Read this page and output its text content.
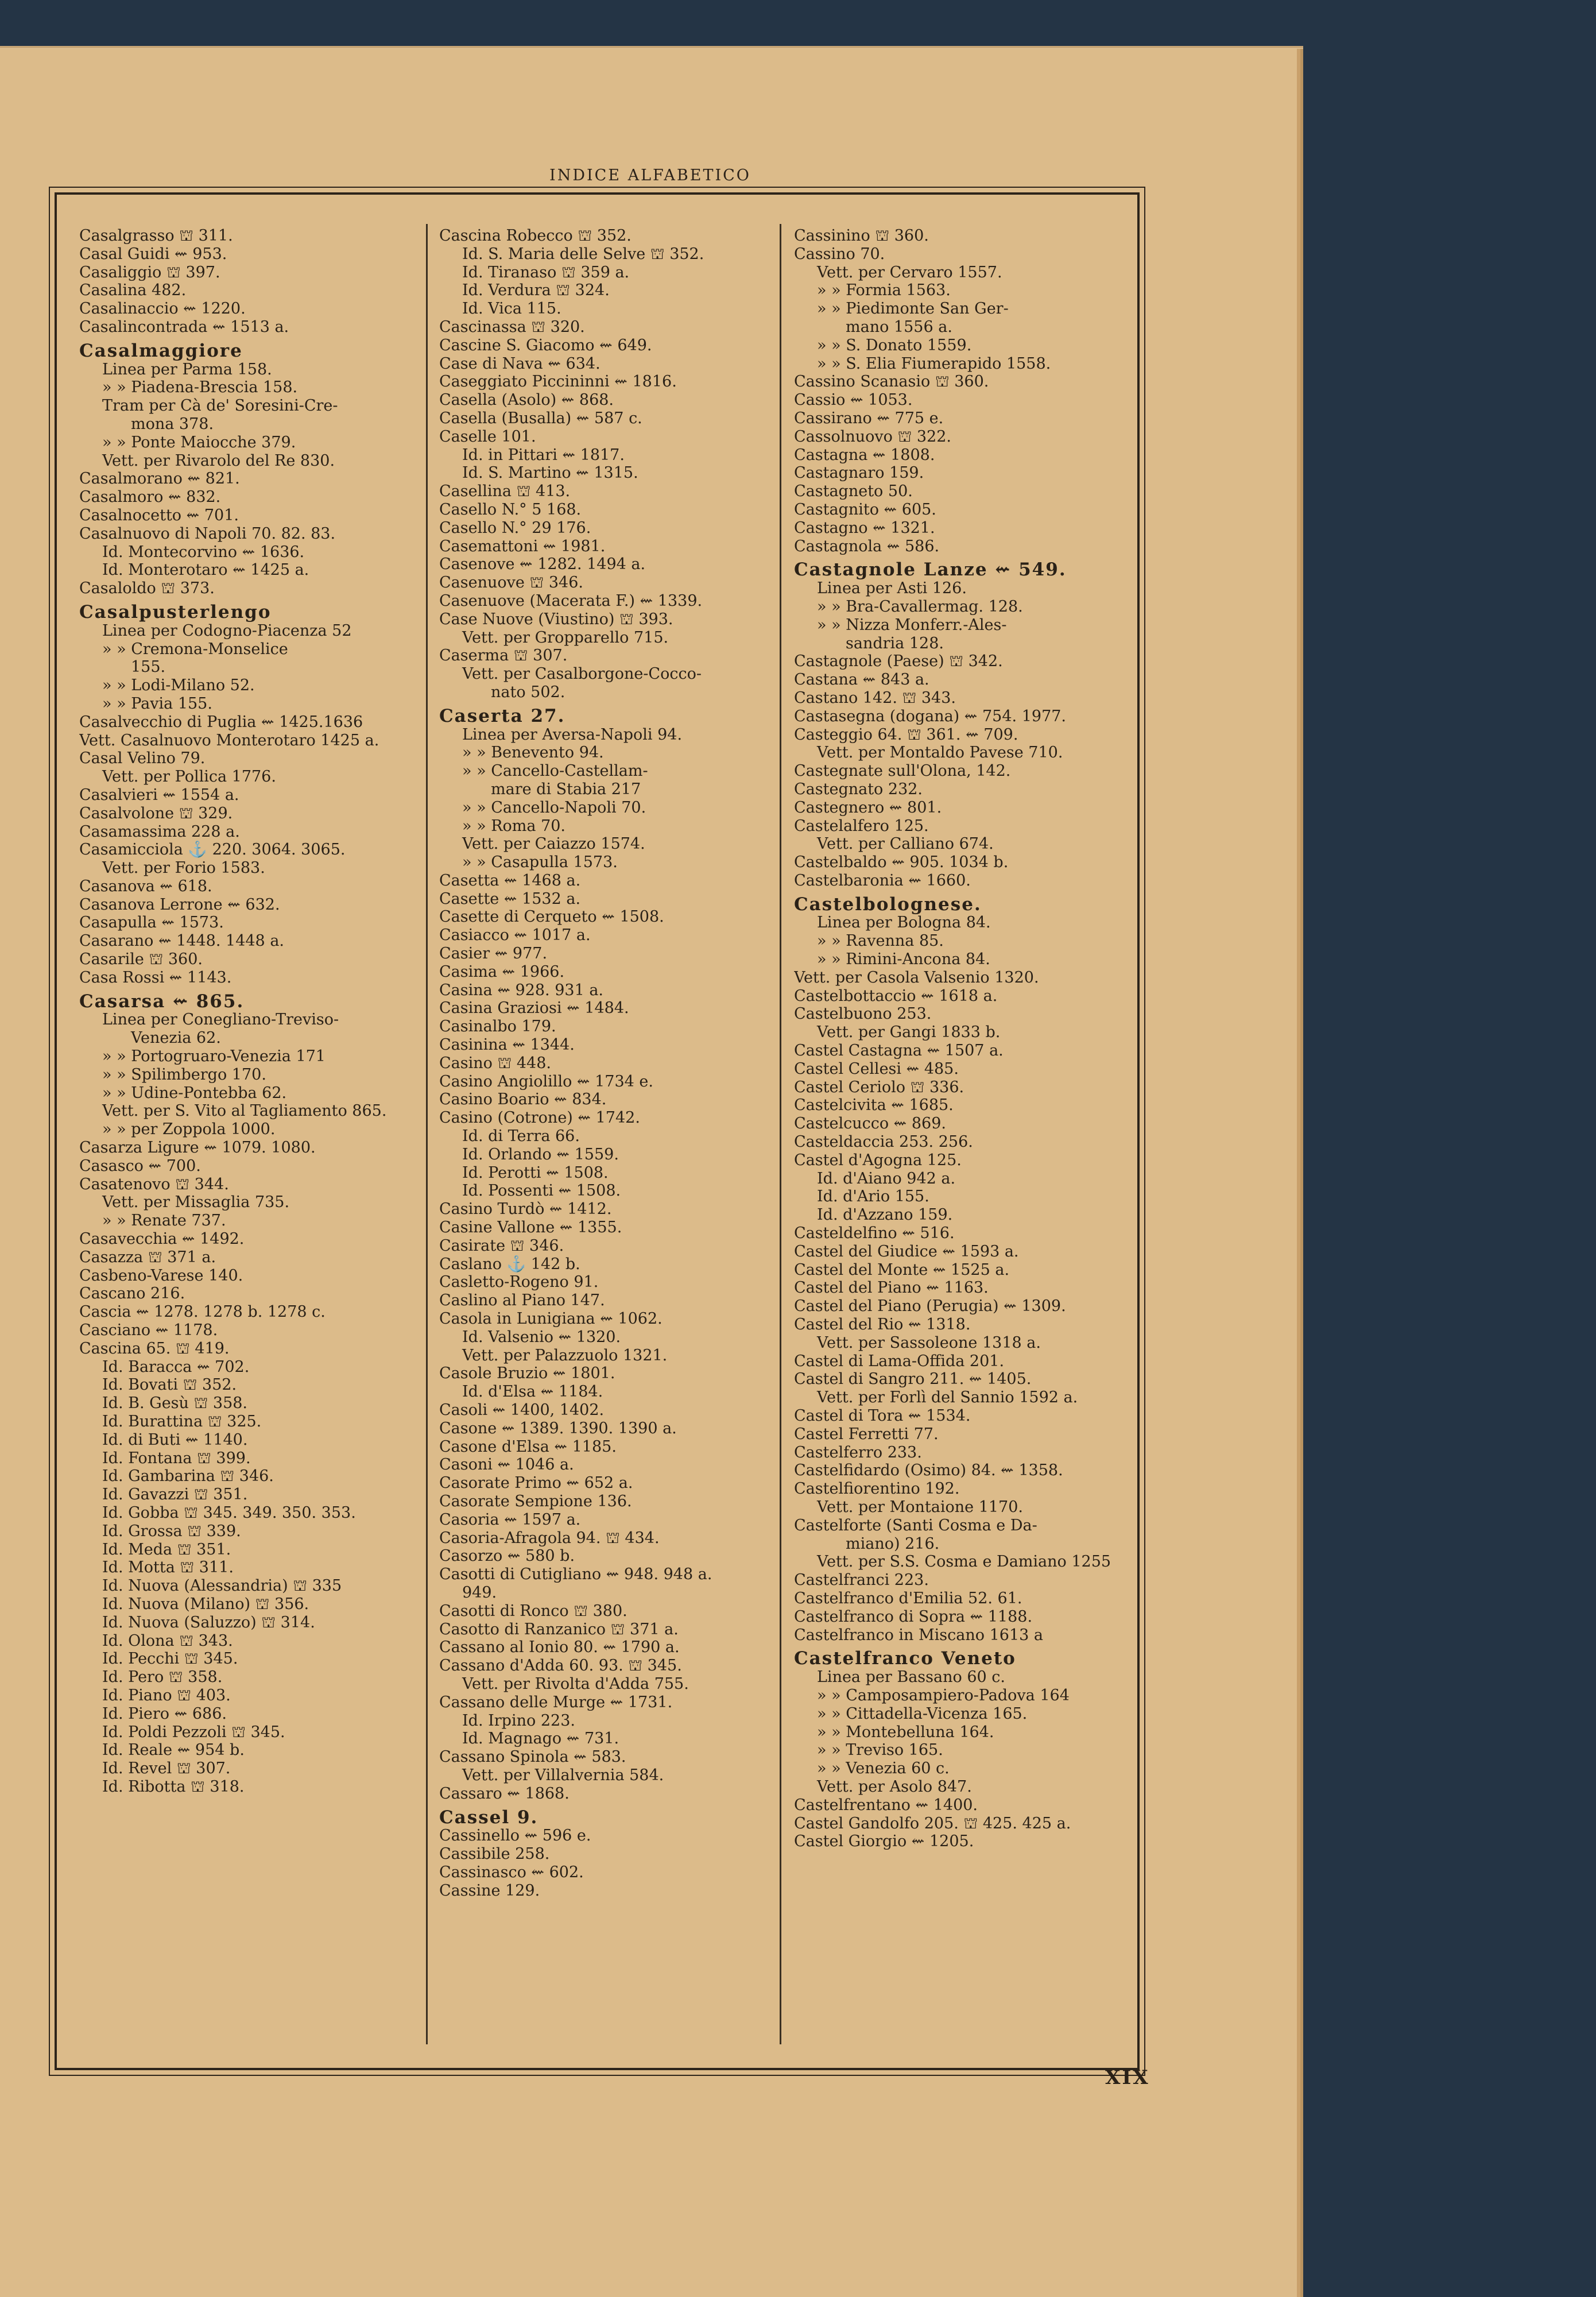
INDICE ALFABETICO
Casalgrasso ⛫ 311.
Casal Guidi ⇜ 953.
Casaliggio ⛫ 397.
Casalina 482.
Casalinaccio ⇜ 1220.
Casalincontrada ⇜ 1513 a.
Casalmaggiore
Linea per Parma 158.
» » Piadena-Brescia 158.
Tram per Cà de' Soresini-Cre-
mona 378.
» » Ponte Maiocche 379.
Vett. per Rivarolo del Re 830.
Casalmorano ⇜ 821.
Casalmoro ⇜ 832.
Casalnocetto ⇜ 701.
Casalnuovo di Napoli 70. 82. 83.
Id. Montecorvino ⇜ 1636.
Id. Monterotaro ⇜ 1425 a.
Casaloldo ⛫ 373.
Casalpusterlengo
Linea per Codogno-Piacenza 52
» » Cremona-Monselice
155.
» » Lodi-Milano 52.
» » Pavia 155.
Casalvecchio di Puglia ⇜ 1425.1636
Vett. Casalnuovo Monterotaro 1425 a.
Casal Velino 79.
Vett. per Pollica 1776.
Casalvieri ⇜ 1554 a.
Casalvolone ⛫ 329.
Casamassima 228 a.
Casamicciola ⚓ 220. 3064. 3065.
Vett. per Forio 1583.
Casanova ⇜ 618.
Casanova Lerrone ⇜ 632.
Casapulla ⇜ 1573.
Casarano ⇜ 1448. 1448 a.
Casarile ⛫ 360.
Casa Rossi ⇜ 1143.
Casarsa ⇜ 865.
Linea per Conegliano-Treviso-
Venezia 62.
» » Portogruaro-Venezia 171
» » Spilimbergo 170.
» » Udine-Pontebba 62.
Vett. per S. Vito al Tagliamento 865.
» » per Zoppola 1000.
Casarza Ligure ⇜ 1079. 1080.
Casasco ⇜ 700.
Casatenovo ⛫ 344.
Vett. per Missaglia 735.
» » Renate 737.
Casavecchia ⇜ 1492.
Casazza ⛫ 371 a.
Casbeno-Varese 140.
Cascano 216.
Cascia ⇜ 1278. 1278 b. 1278 c.
Casciano ⇜ 1178.
Cascina 65. ⛫ 419.
Id. Baracca ⇜ 702.
Id. Bovati ⛫ 352.
Id. B. Gesù ⛫ 358.
Id. Burattina ⛫ 325.
Id. di Buti ⇜ 1140.
Id. Fontana ⛫ 399.
Id. Gambarina ⛫ 346.
Id. Gavazzi ⛫ 351.
Id. Gobba ⛫ 345. 349. 350. 353.
Id. Grossa ⛫ 339.
Id. Meda ⛫ 351.
Id. Motta ⛫ 311.
Id. Nuova (Alessandria) ⛫ 335
Id. Nuova (Milano) ⛫ 356.
Id. Nuova (Saluzzo) ⛫ 314.
Id. Olona ⛫ 343.
Id. Pecchi ⛫ 345.
Id. Pero ⛫ 358.
Id. Piano ⛫ 403.
Id. Piero ⇜ 686.
Id. Poldi Pezzoli ⛫ 345.
Id. Reale ⇜ 954 b.
Id. Revel ⛫ 307.
Id. Ribotta ⛫ 318.
Cascina Robecco ⛫ 352.
Id. S. Maria delle Selve ⛫ 352.
Id. Tiranaso ⛫ 359 a.
Id. Verdura ⛫ 324.
Id. Vica 115.
Cascinassa ⛫ 320.
Cascine S. Giacomo ⇜ 649.
Case di Nava ⇜ 634.
Caseggiato Piccininni ⇜ 1816.
Casella (Asolo) ⇜ 868.
Casella (Busalla) ⇜ 587 c.
Caselle 101.
Id. in Pittari ⇜ 1817.
Id. S. Martino ⇜ 1315.
Casellina ⛫ 413.
Casello N.° 5 168.
Casello N.° 29 176.
Casemattoni ⇜ 1981.
Casenove ⇜ 1282. 1494 a.
Casenuove ⛫ 346.
Casenuove (Macerata F.) ⇜ 1339.
Case Nuove (Viustino) ⛫ 393.
Vett. per Gropparello 715.
Caserma ⛫ 307.
Vett. per Casalborgone-Cocco-
nato 502.
Caserta 27.
Linea per Aversa-Napoli 94.
» » Benevento 94.
» » Cancello-Castellam-
mare di Stabia 217
» » Cancello-Napoli 70.
» » Roma 70.
Vett. per Caiazzo 1574.
» » Casapulla 1573.
Casetta ⇜ 1468 a.
Casette ⇜ 1532 a.
Casette di Cerqueto ⇜ 1508.
Casiacco ⇜ 1017 a.
Casier ⇜ 977.
Casima ⇜ 1966.
Casina ⇜ 928. 931 a.
Casina Graziosi ⇜ 1484.
Casinalbo 179.
Casinina ⇜ 1344.
Casino ⛫ 448.
Casino Angiolillo ⇜ 1734 e.
Casino Boario ⇜ 834.
Casino (Cotrone) ⇜ 1742.
Id. di Terra 66.
Id. Orlando ⇜ 1559.
Id. Perotti ⇜ 1508.
Id. Possenti ⇜ 1508.
Casino Turdò ⇜ 1412.
Casine Vallone ⇜ 1355.
Casirate ⛫ 346.
Caslano ⚓ 142 b.
Casletto-Rogeno 91.
Caslino al Piano 147.
Casola in Lunigiana ⇜ 1062.
Id. Valsenio ⇜ 1320.
Vett. per Palazzuolo 1321.
Casole Bruzio ⇜ 1801.
Id. d'Elsa ⇜ 1184.
Casoli ⇜ 1400, 1402.
Casone ⇜ 1389. 1390. 1390 a.
Casone d'Elsa ⇜ 1185.
Casoni ⇜ 1046 a.
Casorate Primo ⇜ 652 a.
Casorate Sempione 136.
Casoria ⇜ 1597 a.
Casoria-Afragola 94. ⛫ 434.
Casorzo ⇜ 580 b.
Casotti di Cutigliano ⇜ 948. 948 a.
949.
Casotti di Ronco ⛫ 380.
Casotto di Ranzanico ⛫ 371 a.
Cassano al Ionio 80. ⇜ 1790 a.
Cassano d'Adda 60. 93. ⛫ 345.
Vett. per Rivolta d'Adda 755.
Cassano delle Murge ⇜ 1731.
Id. Irpino 223.
Id. Magnago ⇜ 731.
Cassano Spinola ⇜ 583.
Vett. per Villalvernia 584.
Cassaro ⇜ 1868.
Cassel 9.
Cassinello ⇜ 596 e.
Cassibile 258.
Cassinasco ⇜ 602.
Cassine 129.
Cassinino ⛫ 360.
Cassino 70.
Vett. per Cervaro 1557.
» » Formia 1563.
» » Piedimonte San Ger-
mano 1556 a.
» » S. Donato 1559.
» » S. Elia Fiumerapido 1558.
Cassino Scanasio ⛫ 360.
Cassio ⇜ 1053.
Cassirano ⇜ 775 e.
Cassolnuovo ⛫ 322.
Castagna ⇜ 1808.
Castagnaro 159.
Castagneto 50.
Castagnito ⇜ 605.
Castagno ⇜ 1321.
Castagnola ⇜ 586.
Castagnole Lanze ⇜ 549.
Linea per Asti 126.
» » Bra-Cavallermag. 128.
» » Nizza Monferr.-Ales-
sandria 128.
Castagnole (Paese) ⛫ 342.
Castana ⇜ 843 a.
Castano 142. ⛫ 343.
Castasegna (dogana) ⇜ 754. 1977.
Casteggio 64. ⛫ 361. ⇜ 709.
Vett. per Montaldo Pavese 710.
Castegnate sull'Olona, 142.
Castegnato 232.
Castegnero ⇜ 801.
Castelalfero 125.
Vett. per Calliano 674.
Castelbaldo ⇜ 905. 1034 b.
Castelbaronia ⇜ 1660.
Castelbolognese.
Linea per Bologna 84.
» » Ravenna 85.
» » Rimini-Ancona 84.
Vett. per Casola Valsenio 1320.
Castelbottaccio ⇜ 1618 a.
Castelbuono 253.
Vett. per Gangi 1833 b.
Castel Castagna ⇜ 1507 a.
Castel Cellesi ⇜ 485.
Castel Ceriolo ⛫ 336.
Castelcivita ⇜ 1685.
Castelcucco ⇜ 869.
Casteldaccia 253. 256.
Castel d'Agogna 125.
Id. d'Aiano 942 a.
Id. d'Ario 155.
Id. d'Azzano 159.
Casteldelfino ⇜ 516.
Castel del Giudice ⇜ 1593 a.
Castel del Monte ⇜ 1525 a.
Castel del Piano ⇜ 1163.
Castel del Piano (Perugia) ⇜ 1309.
Castel del Rio ⇜ 1318.
Vett. per Sassoleone 1318 a.
Castel di Lama-Offida 201.
Castel di Sangro 211. ⇜ 1405.
Vett. per Forlì del Sannio 1592 a.
Castel di Tora ⇜ 1534.
Castel Ferretti 77.
Castelferro 233.
Castelfidardo (Osimo) 84. ⇜ 1358.
Castelfiorentino 192.
Vett. per Montaione 1170.
Castelforte (Santi Cosma e Da-
miano) 216.
Vett. per S.S. Cosma e Damiano 1255
Castelfranci 223.
Castelfranco d'Emilia 52. 61.
Castelfranco di Sopra ⇜ 1188.
Castelfranco in Miscano 1613 a
Castelfranco Veneto
Linea per Bassano 60 c.
» » Camposampiero-Padova 164
» » Cittadella-Vicenza 165.
» » Montebelluna 164.
» » Treviso 165.
» » Venezia 60 c.
Vett. per Asolo 847.
Castelfrentano ⇜ 1400.
Castel Gandolfo 205. ⛫ 425. 425 a.
Castel Giorgio ⇜ 1205.
XIX
